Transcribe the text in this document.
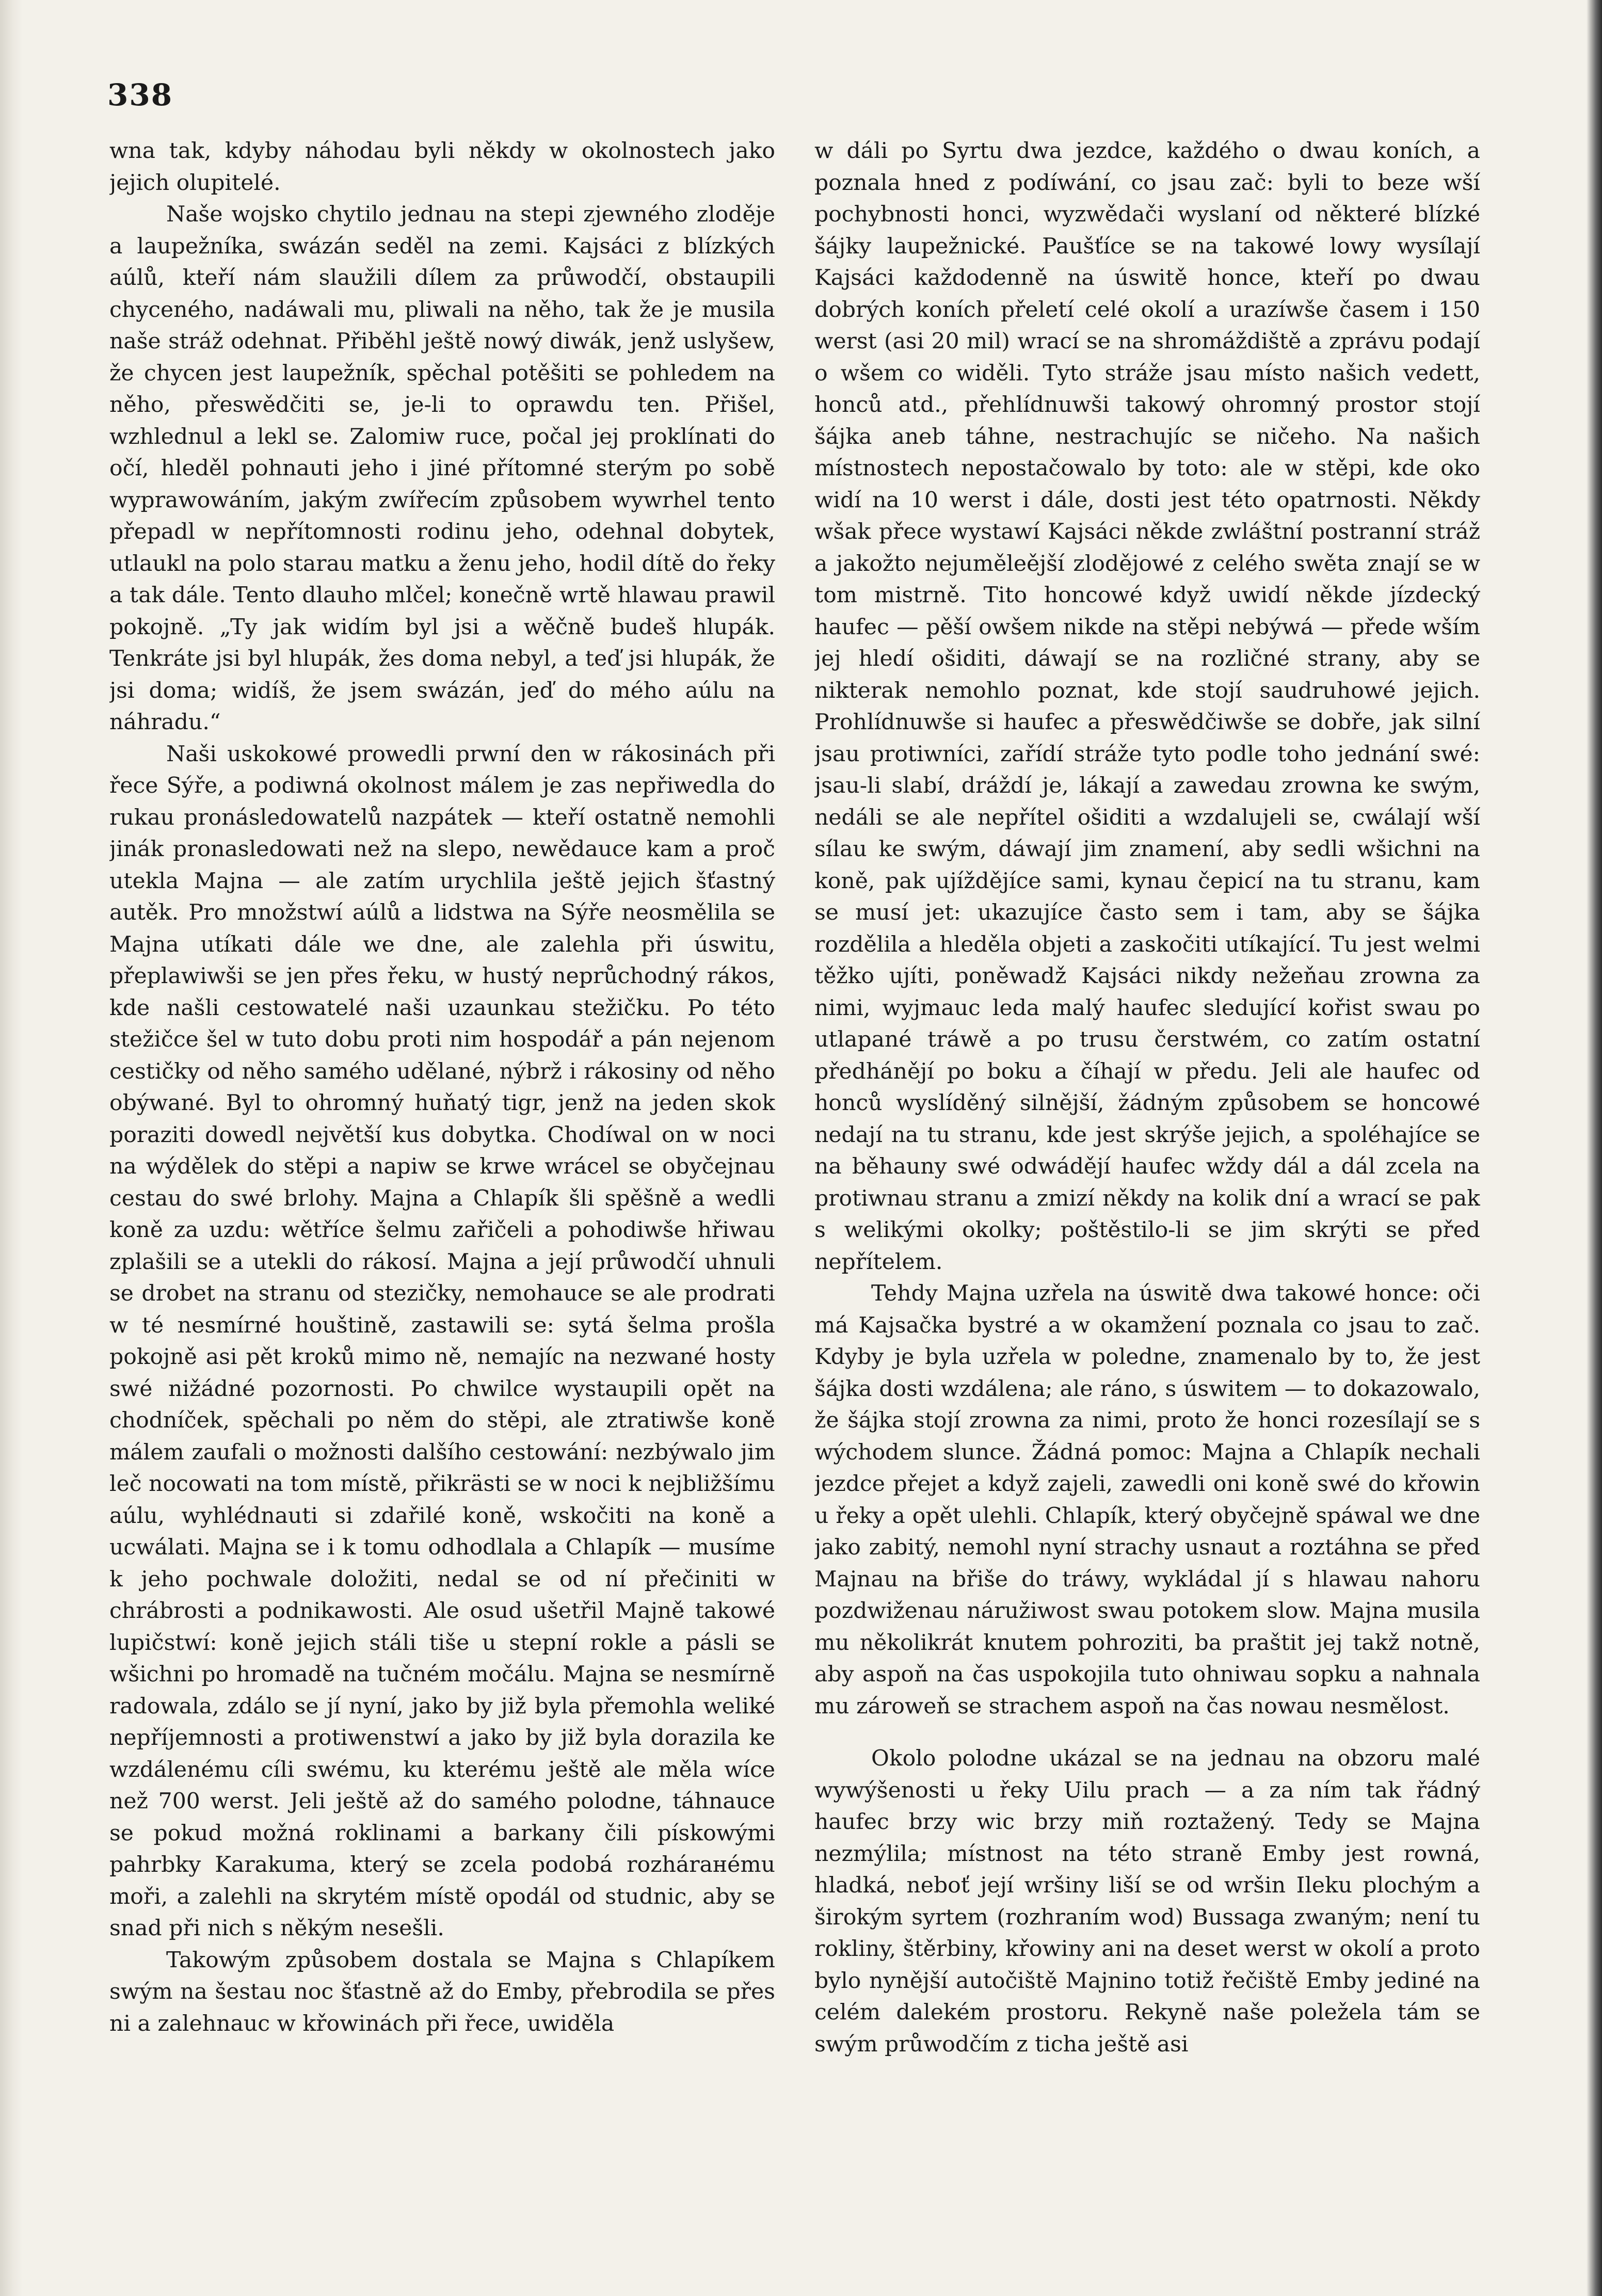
338

wna tak, kdyby náhodau byli někdy w okolnostech jako jejich olupitelé.

Naše wojsko chytilo jednau na stepi zjewného zloděje a laupežníka, swázán seděl na zemi. Kajsáci z blízkých aúlů, kteří nám slaužili dílem za průwodčí, obstaupili chyceného, nadáwali mu, pliwali na něho, tak že je musila naše stráž odehnat. Přiběhl ještě nowý diwák, jenž uslyšew, že chycen jest laupežník, spěchal potěšiti se pohledem na něho, přeswědčiti se, je-li to oprawdu ten. Přišel, wzhlednul a lekl se. Zalomiw ruce, počal jej proklínati do očí, hleděl pohnauti jeho i jiné přítomné sterým po sobě wyprawowáním, jakým zwířecím způsobem wywrhel tento přepadl w nepřítomnosti rodinu jeho, odehnal dobytek, utlaukl na polo starau matku a ženu jeho, hodil dítě do řeky a tak dále. Tento dlauho mlčel; konečně wrtě hlawau prawil pokojně. „Ty jak widím byl jsi a wěčně budeš hlupák. Tenkráte jsi byl hlupák, žes doma nebyl, a teď jsi hlupák, že jsi doma; widíš, že jsem swázán, jeď do mého aúlu na náhradu.“

Naši uskokowé prowedli prwní den w rákosinách při řece Sýře, a podiwná okolnost málem je zas nepřiwedla do rukau pronásledowatelů nazpátek — kteří ostatně nemohli jinák pronasledowati než na slepo, newědauce kam a proč utekla Majna — ale zatím urychlila ještě jejich šťastný autěk. Pro množstwí aúlů a lidstwa na Sýře neosmělila se Majna utíkati dále we dne, ale zalehla při úswitu, přeplawiwši se jen přes řeku, w hustý neprůchodný rákos, kde našli cestowatelé naši uzaunkau stežičku. Po této stežičce šel w tuto dobu proti nim hospodář a pán nejenom cestičky od něho samého udělané, nýbrž i rákosiny od něho obýwané. Byl to ohromný huňatý tigr, jenž na jeden skok poraziti dowedl největší kus dobytka. Chodíwal on w noci na wýdělek do stěpi a napiw se krwe wrácel se obyčejnau cestau do swé brlohy. Majna a Chlapík šli spěšně a wedli koně za uzdu: wětříce šelmu zařičeli a pohodiwše hřiwau zplašili se a utekli do rákosí. Majna a její průwodčí uhnuli se drobet na stranu od stezičky, nemohauce se ale prodrati w té nesmírné houštině, zastawili se: sytá šelma prošla pokojně asi pět kroků mimo ně, nemajíc na nezwané hosty swé nižádné pozornosti. Po chwilce wystaupili opět na chodníček, spěchali po něm do stěpi, ale ztratiwše koně málem zaufali o možnosti dalšího cestowání: nezbýwalo jim leč nocowati na tom místě, přikrästi se w noci k nejbližšímu aúlu, wyhlédnauti si zdařilé koně, wskočiti na koně a ucwálati. Majna se i k tomu odhodlala a Chlapík — musíme k jeho pochwale doložiti, nedal se od ní přečiniti w chrábrosti a podnikawosti. Ale osud ušetřil Majně takowé lupičstwí: koně jejich stáli tiše u stepní rokle a pásli se wšichni po hromadě na tučném močálu. Majna se nesmírně radowala, zdálo se jí nyní, jako by již byla přemohla weliké nepříjemnosti a protiwenstwí a jako by již byla dorazila ke wzdálenému cíli swému, ku kterému ještě ale měla wíce než 700 werst. Jeli ještě až do samého polodne, táhnauce se pokud možná roklinami a barkany čili pískowými pahrbky Karakuma, který se zcela podobá rozhárанému moři, a zalehli na skrytém místě opodál od studnic, aby se snad při nich s někým nesešli.

Takowým způsobem dostala se Majna s Chlapíkem swým na šestau noc šťastně až do Emby, přebrodila se přes ni a zalehnauc w křowinách při řece, uwiděla

w dáli po Syrtu dwa jezdce, každého o dwau koních, a poznala hned z podíwání, co jsau zač: byli to beze wší pochybnosti honci, wyzwědači wyslaní od některé blízké šájky laupežnické. Paušťíce se na takowé lowy wysílají Kajsáci každodenně na úswitě honce, kteří po dwau dobrých koních přeletí celé okolí a urazíwše časem i 150 werst (asi 20 mil) wrací se na shromáždiště a zprávu podají o wšem co widěli. Tyto stráže jsau místo našich vedett, honců atd., přehlídnuwši takowý ohromný prostor stojí šájka aneb táhne, nestrachujíc se ničeho. Na našich místnostech nepostačowalo by toto: ale w stěpi, kde oko widí na 10 werst i dále, dosti jest této opatrnosti. Někdy wšak přece wystawí Kajsáci někde zwláštní postranní stráž a jakožto nejuměleější zlodějowé z celého swěta znají se w tom mistrně. Tito honcowé když uwidí někde jízdecký haufec — pěší owšem nikde na stěpi nebýwá — přede wším jej hledí ošiditi, dáwají se na rozličné strany, aby se nikterak nemohlo poznat, kde stojí saudruhowé jejich. Prohlídnuwše si haufec a přeswědčiwše se dobře, jak silní jsau protiwníci, zařídí stráže tyto podle toho jednání swé: jsau-li slabí, dráždí je, lákají a zawedau zrowna ke swým, nedáli se ale nepřítel ošiditi a wzdalujeli se, cwálají wší sílau ke swým, dáwají jim znamení, aby sedli wšichni na koně, pak ujíždějíce sami, kynau čepicí na tu stranu, kam se musí jet: ukazujíce často sem i tam, aby se šájka rozdělila a hleděla objeti a zaskočiti utíkající. Tu jest welmi těžko ujíti, poněwadž Kajsáci nikdy nežeňau zrowna za nimi, wyjmauc leda malý haufec sledující kořist swau po utlapané tráwě a po trusu čerstwém, co zatím ostatní předhánějí po boku a číhají w předu. Jeli ale haufec od honců wyslíděný silnější, žádným způsobem se honcowé nedají na tu stranu, kde jest skrýše jejich, a spoléhajíce se na běhauny swé odwádějí haufec wždy dál a dál zcela na protiwnau stranu a zmizí někdy na kolik dní a wrací se pak s welikými okolky; poštěstilo-li se jim skrýti se před nepřítelem.

Tehdy Majna uzřela na úswitě dwa takowé honce: oči má Kajsačka bystré a w okamžení poznala co jsau to zač. Kdyby je byla uzřela w poledne, znamenalo by to, že jest šájka dosti wzdálena; ale ráno, s úswitem — to dokazowalo, že šájka stojí zrowna za nimi, proto že honci rozesílají se s wýchodem slunce. Žádná pomoc: Majna a Chlapík nechali jezdce přejet a když zajeli, zawedli oni koně swé do křowin u řeky a opět ulehli. Chlapík, který obyčejně spáwal we dne jako zabitý, nemohl nyní strachy usnaut a roztáhna se před Majnau na břiše do tráwy, wykládal jí s hlawau nahoru pozdwiženau náružiwost swau potokem slow. Majna musila mu několikrát knutem pohroziti, ba praštit jej takž notně, aby aspoň na čas uspokojila tuto ohniwau sopku a nahnala mu zároweň se strachem aspoň na čas nowau nesmělost.

Okolo polodne ukázal se na jednau na obzoru malé wywýšenosti u řeky Uilu prach — a za ním tak řádný haufec brzy wic brzy miň roztažený. Tedy se Majna nezmýlila; místnost na této straně Emby jest rowná, hladká, neboť její wršiny liší se od wršin Ileku plochým a širokým syrtem (rozhraním wod) Bussaga zwaným; není tu rokliny, štěrbiny, křowiny ani na deset werst w okolí a proto bylo nynější autočiště Majnino totiž řečiště Emby jediné na celém dalekém prostoru. Rekyně naše poležela tám se swým průwodčím z ticha ještě asi
